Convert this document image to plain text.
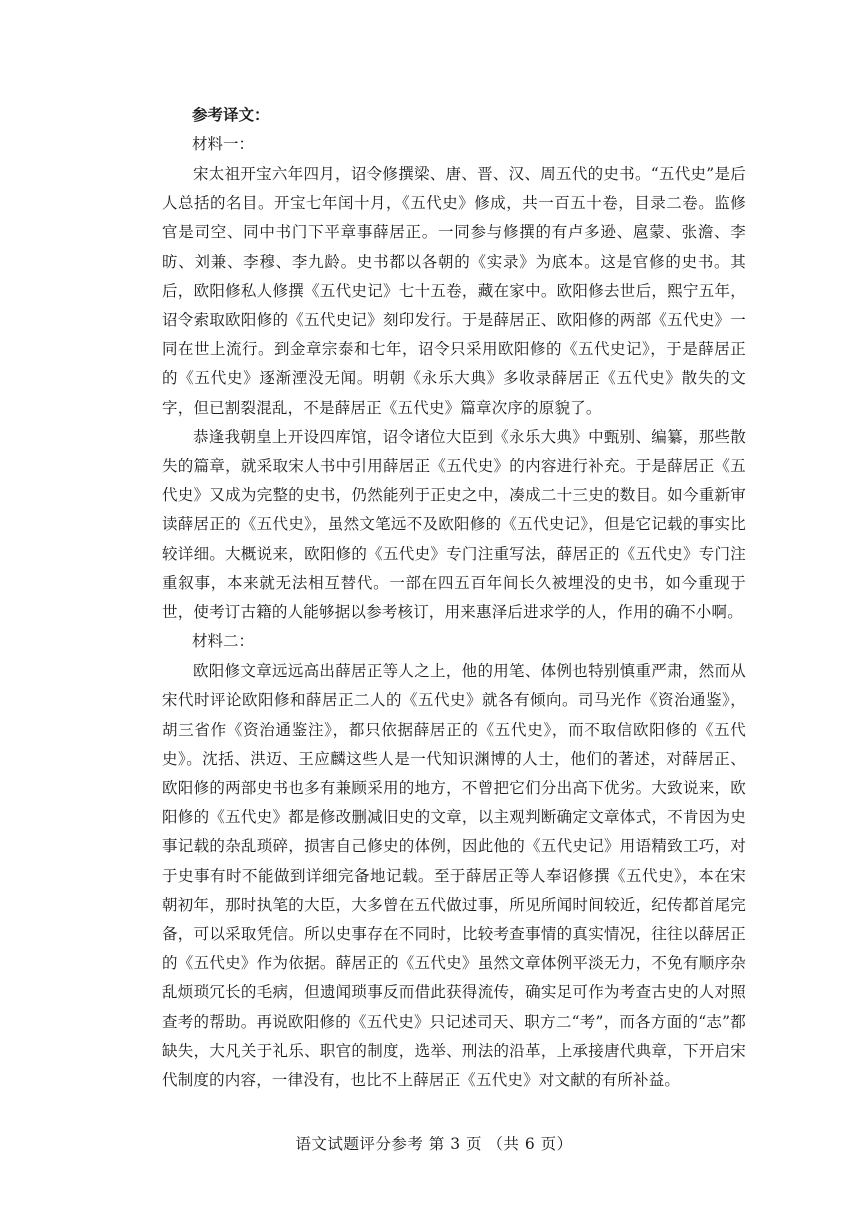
参考译文：

材料一：

宋太祖开宝六年四月，诏令修撰梁、唐、晋、汉、周五代的史书。“五代史”是后人总括的名目。开宝七年闰十月，《五代史》修成，共一百五十卷，目录二卷。监修官是司空、同中书门下平章事薛居正。一同参与修撰的有卢多逊、扈蒙、张澹、李昉、刘兼、李穆、李九龄。史书都以各朝的《实录》为底本。这是官修的史书。其后，欧阳修私人修撰《五代史记》七十五卷，藏在家中。欧阳修去世后，熙宁五年，诏令索取欧阳修的《五代史记》刻印发行。于是薛居正、欧阳修的两部《五代史》一同在世上流行。到金章宗泰和七年，诏令只采用欧阳修的《五代史记》，于是薛居正的《五代史》逐渐湮没无闻。明朝《永乐大典》多收录薛居正《五代史》散失的文字，但已割裂混乱，不是薛居正《五代史》篇章次序的原貌了。

恭逢我朝皇上开设四库馆，诏令诸位大臣到《永乐大典》中甄别、编纂，那些散失的篇章，就采取宋人书中引用薛居正《五代史》的内容进行补充。于是薛居正《五代史》又成为完整的史书，仍然能列于正史之中，凑成二十三史的数目。如今重新审读薛居正的《五代史》，虽然文笔远不及欧阳修的《五代史记》，但是它记载的事实比较详细。大概说来，欧阳修的《五代史》专门注重写法，薛居正的《五代史》专门注重叙事，本来就无法相互替代。一部在四五百年间长久被埋没的史书，如今重现于世，使考订古籍的人能够据以参考核订，用来惠泽后进求学的人，作用的确不小啊。

材料二：

欧阳修文章远远高出薛居正等人之上，他的用笔、体例也特别慎重严肃，然而从宋代时评论欧阳修和薛居正二人的《五代史》就各有倾向。司马光作《资治通鉴》，胡三省作《资治通鉴注》，都只依据薛居正的《五代史》，而不取信欧阳修的《五代史》。沈括、洪迈、王应麟这些人是一代知识渊博的人士，他们的著述，对薛居正、欧阳修的两部史书也多有兼顾采用的地方，不曾把它们分出高下优劣。大致说来，欧阳修的《五代史》都是修改删减旧史的文章，以主观判断确定文章体式，不肯因为史事记载的杂乱琐碎，损害自己修史的体例，因此他的《五代史记》用语精致工巧，对于史事有时不能做到详细完备地记载。至于薛居正等人奉诏修撰《五代史》，本在宋朝初年，那时执笔的大臣，大多曾在五代做过事，所见所闻时间较近，纪传都首尾完备，可以采取凭信。所以史事存在不同时，比较考查事情的真实情况，往往以薛居正的《五代史》作为依据。薛居正的《五代史》虽然文章体例平淡无力，不免有顺序杂乱烦琐冗长的毛病，但遗闻琐事反而借此获得流传，确实足可作为考查古史的人对照查考的帮助。再说欧阳修的《五代史》只记述司天、职方二“考”，而各方面的“志”都缺失，大凡关于礼乐、职官的制度，选举、刑法的沿革，上承接唐代典章，下开启宋代制度的内容，一律没有，也比不上薛居正《五代史》对文献的有所补益。

语文试题评分参考 第 3 页 （共 6 页）
